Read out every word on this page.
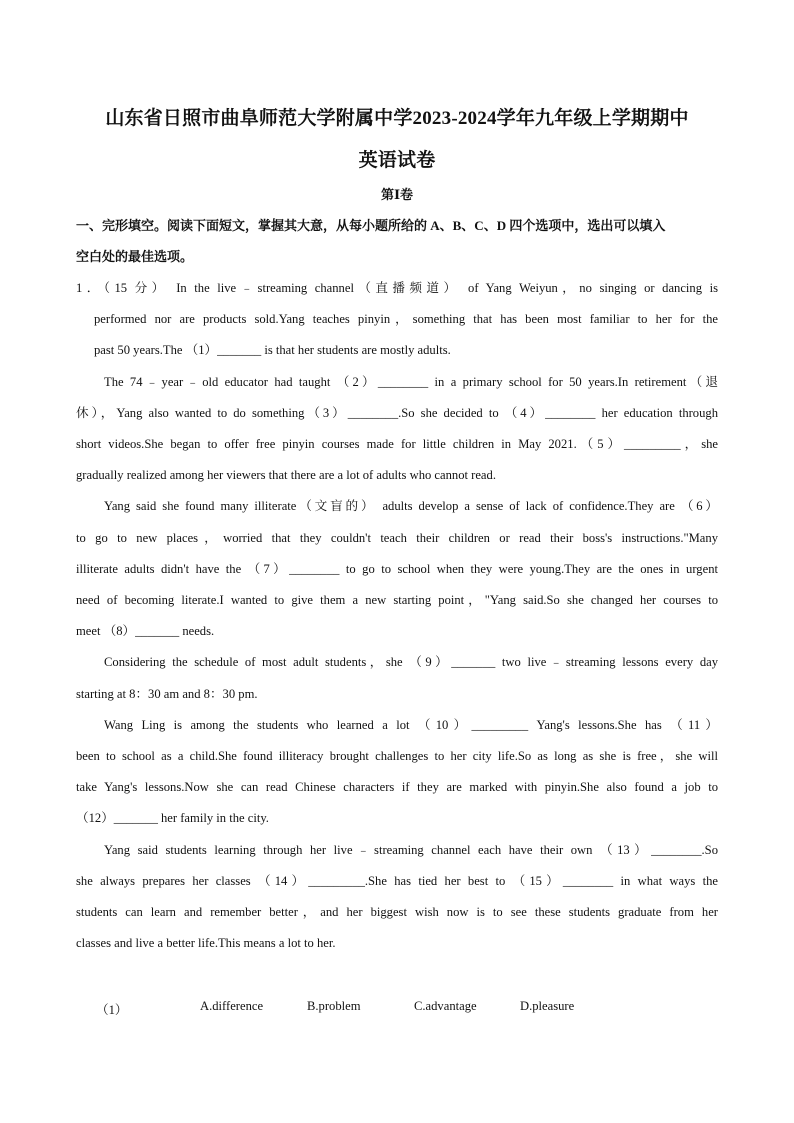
山东省日照市曲阜师范大学附属中学2023-2024学年九年级上学期期中
英语试卷
第Ⅰ卷
一、完形填空。阅读下面短文，掌握其大意，从每小题所给的 A、B、C、D 四个选项中，选出可以填入
空白处的最佳选项。
1．（15 分） In the live﹣streaming channel（直播频道） of Yang Weiyun，no singing or dancing is
performed nor are products sold.Yang teaches pinyin，something that has been most familiar to her for the
past 50 years.The （1）_______ is that her students are mostly adults.
The 74﹣year﹣old educator had taught （2）________ in a primary school for 50 years.In retirement（退
休），Yang also wanted to do something（3）________.So she decided to （4）________ her education through
short videos.She began to offer free pinyin courses made for little children in May 2021.（5）_________，she
gradually realized among her viewers that there are a lot of adults who cannot read.
Yang said she found many illiterate（文盲的） adults develop a sense of lack of confidence.They are （6）
to go to new places，worried that they couldn't teach their children or read their boss's instructions."Many
illiterate adults didn't have the （7）________ to go to school when they were young.They are the ones in urgent
need of becoming literate.I wanted to give them a new starting point，"Yang said.So she changed her courses to
meet （8）_______ needs.
Considering the schedule of most adult students，she （9）_______ two live﹣streaming lessons every day
starting at 8：30 am and 8：30 pm.
Wang Ling is among the students who learned a lot （10）_________ Yang's lessons.She has （11）
been to school as a child.She found illiteracy brought challenges to her city life.So as long as she is free，she will
take Yang's lessons.Now she can read Chinese characters if they are marked with pinyin.She also found a job to
（12）_______ her family in the city.
Yang said students learning through her live﹣streaming channel each have their own （13）________.So
she always prepares her classes （14）_________.She has tied her best to （15）________ in what ways the
students can learn and remember better，and her biggest wish now is to see these students graduate from her
classes and live a better life.This means a lot to her.
（1）	A.difference	B.problem	C.advantage	D.pleasure
